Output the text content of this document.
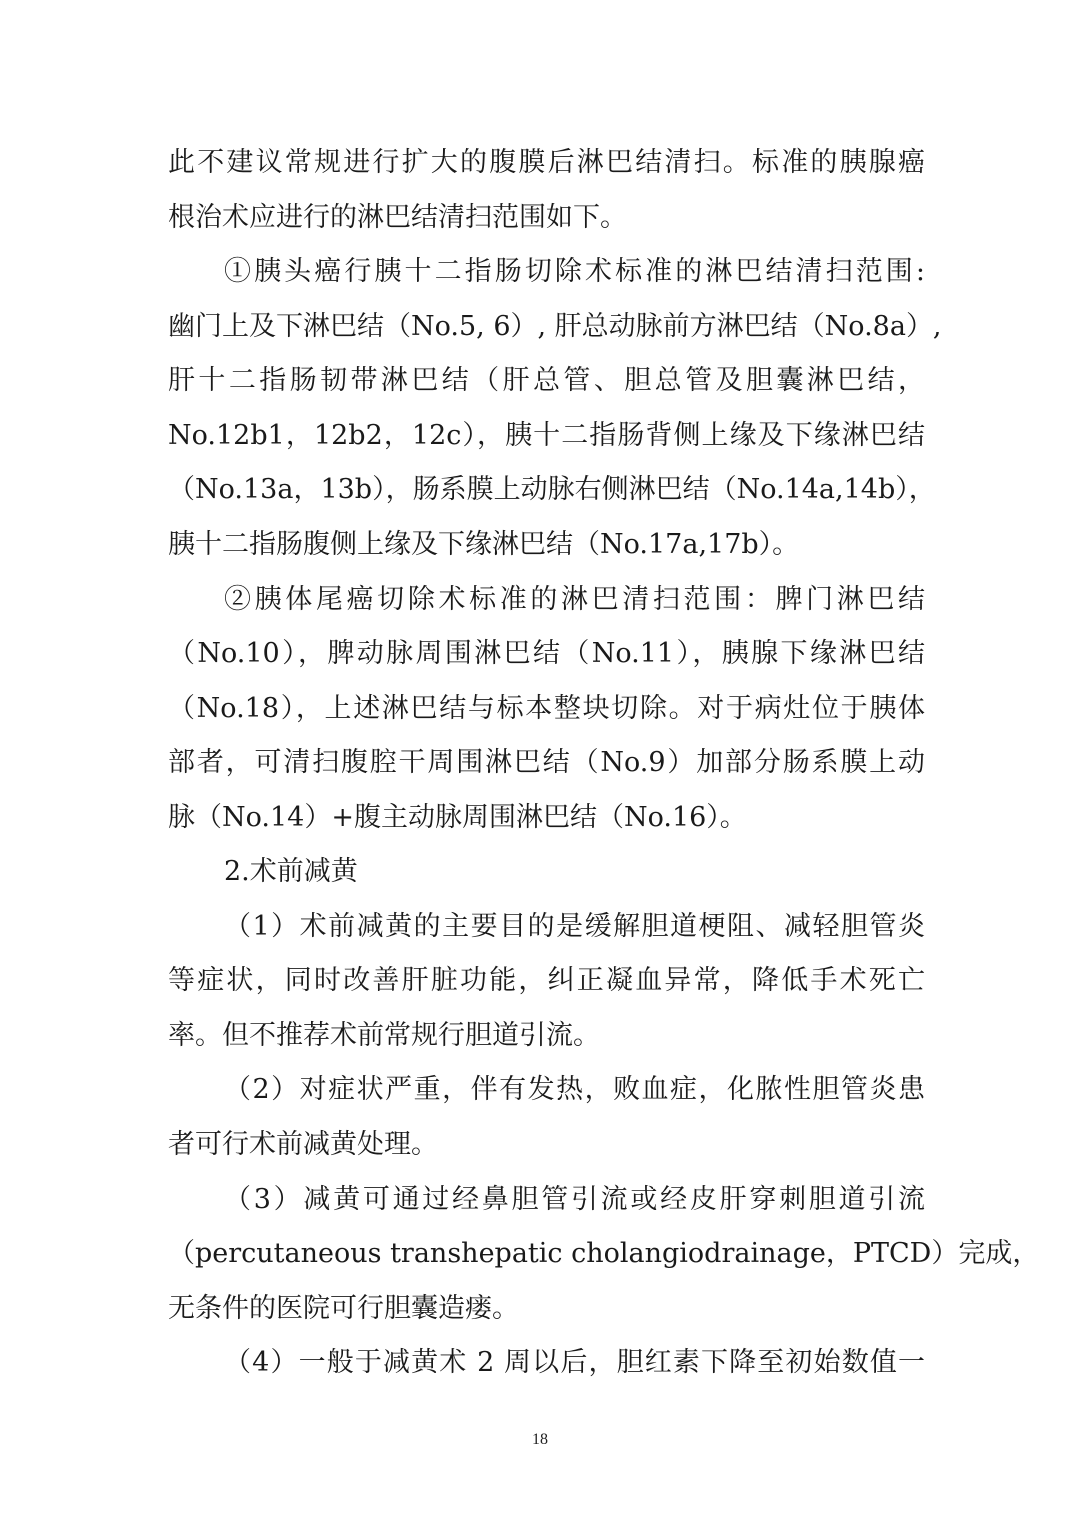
此不建议常规进行扩大的腹膜后淋巴结清扫。标准的胰腺癌
根治术应进行的淋巴结清扫范围如下。
①胰头癌行胰十二指肠切除术标准的淋巴结清扫范围:
幽门上及下淋巴结（No.5, 6）, 肝总动脉前方淋巴结（No.8a）,
肝十二指肠韧带淋巴结（肝总管、胆总管及胆囊淋巴结，
No.12b1，12b2，12c），胰十二指肠背侧上缘及下缘淋巴结
（No.13a，13b），肠系膜上动脉右侧淋巴结（No.14a,14b），
胰十二指肠腹侧上缘及下缘淋巴结（No.17a,17b）。
②胰体尾癌切除术标准的淋巴清扫范围：脾门淋巴结
（No.10），脾动脉周围淋巴结（No.11），胰腺下缘淋巴结
（No.18），上述淋巴结与标本整块切除。对于病灶位于胰体
部者，可清扫腹腔干周围淋巴结（No.9）加部分肠系膜上动
脉（No.14）+腹主动脉周围淋巴结（No.16）。
2.术前减黄
（1）术前减黄的主要目的是缓解胆道梗阻、减轻胆管炎
等症状，同时改善肝脏功能，纠正凝血异常，降低手术死亡
率。但不推荐术前常规行胆道引流。
（2）对症状严重，伴有发热，败血症，化脓性胆管炎患
者可行术前减黄处理。
（3）减黄可通过经鼻胆管引流或经皮肝穿刺胆道引流
（percutaneous transhepatic cholangiodrainage，PTCD）完成，
无条件的医院可行胆囊造瘘。
（4）一般于减黄术 2 周以后，胆红素下降至初始数值一
18
